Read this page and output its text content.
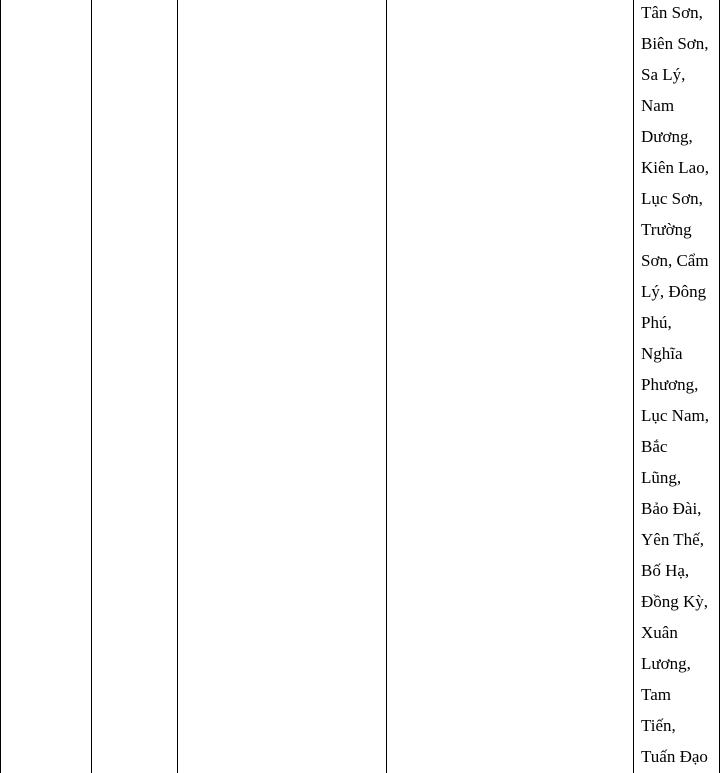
Tân Sơn,
Biên Sơn,
Sa Lý,
Nam
Dương,
Kiên Lao,
Lục Sơn,
Trường
Sơn, Cẩm
Lý, Đông
Phú,
Nghĩa
Phương,
Lục Nam,
Bắc
Lũng,
Bảo Đài,
Yên Thế,
Bố Hạ,
Đồng Kỳ,
Xuân
Lương,
Tam
Tiến,
Tuấn Đạo
